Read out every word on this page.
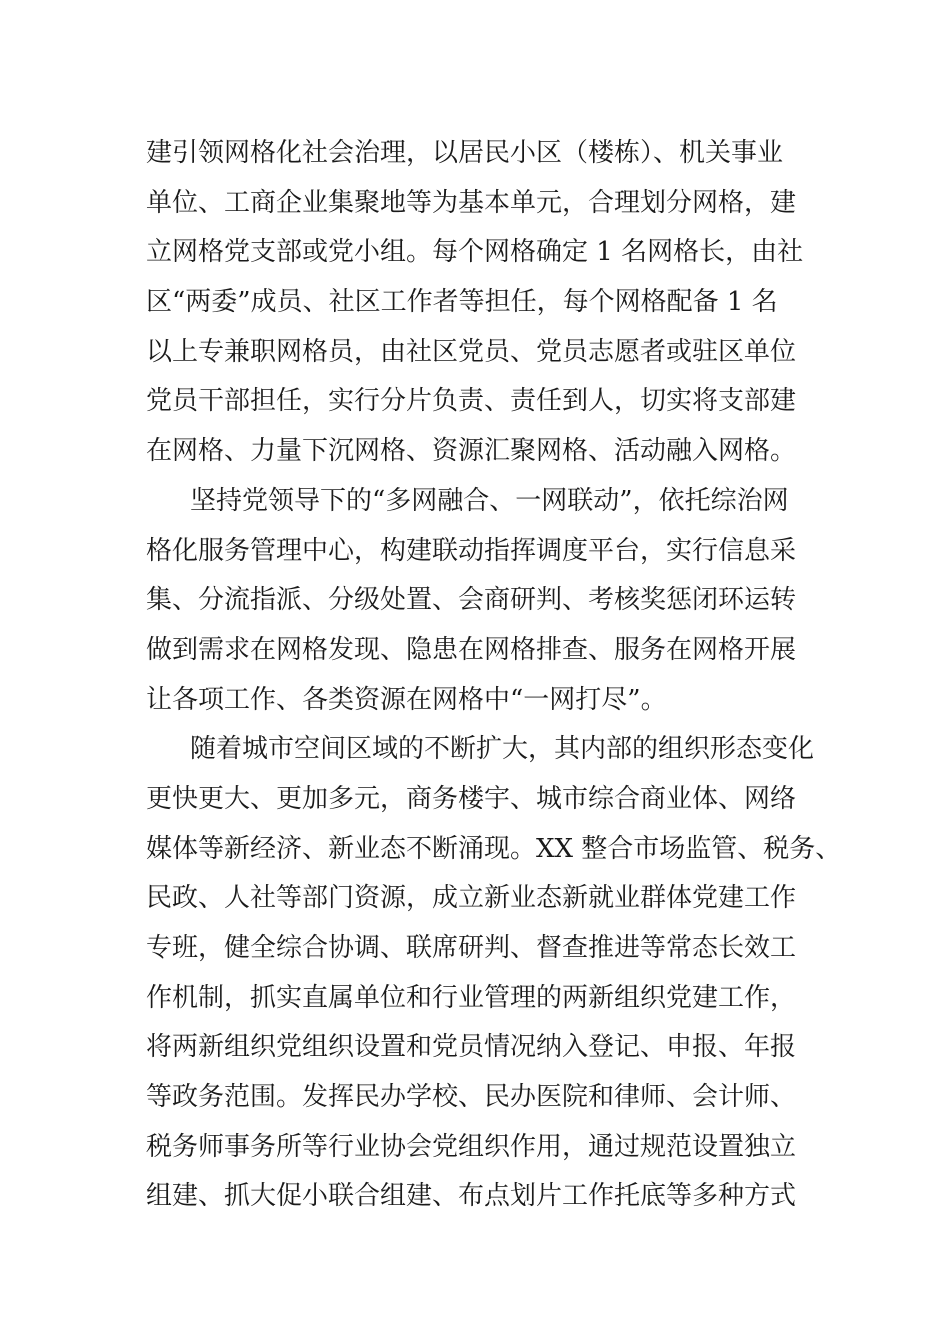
建引领网格化社会治理，以居民小区（楼栋）、机关事业
单位、工商企业集聚地等为基本单元，合理划分网格，建
立网格党支部或党小组。每个网格确定 1 名网格长，由社
区“两委”成员、社区工作者等担任，每个网格配备 1 名
以上专兼职网格员，由社区党员、党员志愿者或驻区单位
党员干部担任，实行分片负责、责任到人，切实将支部建
在网格、力量下沉网格、资源汇聚网格、活动融入网格。
坚持党领导下的“多网融合、一网联动”，依托综治网
格化服务管理中心，构建联动指挥调度平台，实行信息采
集、分流指派、分级处置、会商研判、考核奖惩闭环运转
做到需求在网格发现、隐患在网格排查、服务在网格开展
让各项工作、各类资源在网格中“一网打尽”。
随着城市空间区域的不断扩大，其内部的组织形态变化
更快更大、更加多元，商务楼宇、城市综合商业体、网络
媒体等新经济、新业态不断涌现。XX 整合市场监管、税务、
民政、人社等部门资源，成立新业态新就业群体党建工作
专班，健全综合协调、联席研判、督查推进等常态长效工
作机制，抓实直属单位和行业管理的两新组织党建工作，
将两新组织党组织设置和党员情况纳入登记、申报、年报
等政务范围。发挥民办学校、民办医院和律师、会计师、
税务师事务所等行业协会党组织作用，通过规范设置独立
组建、抓大促小联合组建、布点划片工作托底等多种方式
